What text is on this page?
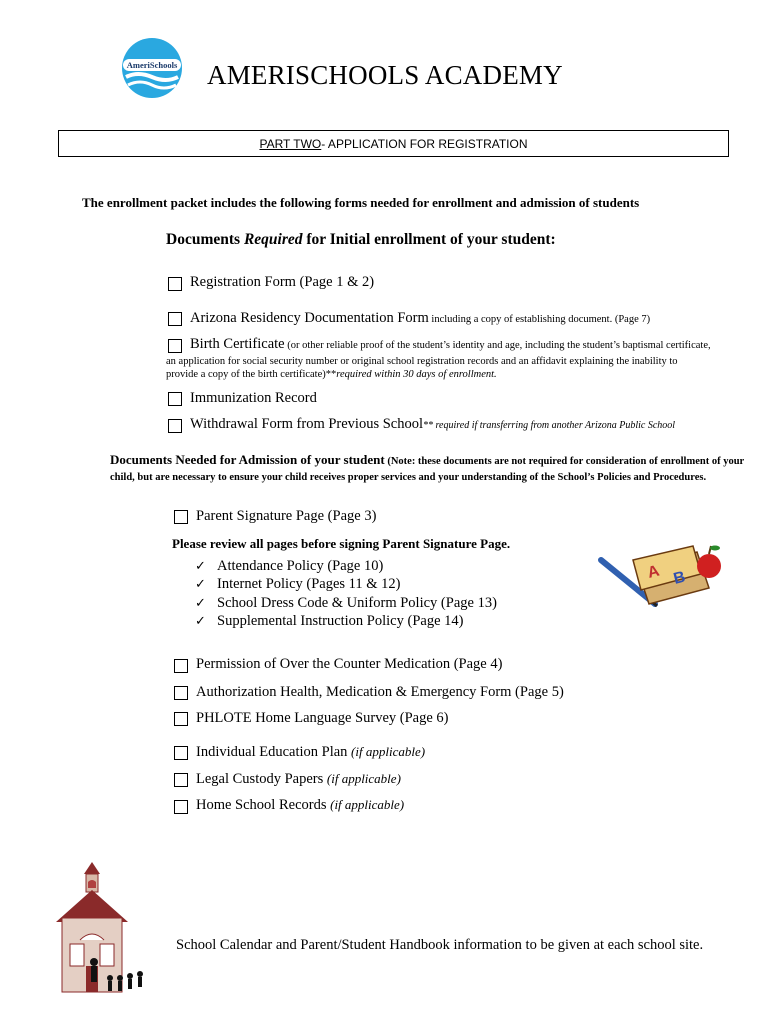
AmeriSchools AMERISCHOOLS ACADEMY
PART TWO - APPLICATION FOR REGISTRATION
The enrollment packet includes the following forms needed for enrollment and admission of students
Documents Required for Initial enrollment of your student:
Registration Form (Page 1 & 2)
Arizona Residency Documentation Form including a copy of establishing document. (Page 7)
Birth Certificate (or other reliable proof of the student’s identity and age, including the student’s baptismal certificate,
an application for social security number or original school registration records and an affidavit explaining the inability to
provide a copy of the birth certificate)**required within 30 days of enrollment.
Immunization Record
Withdrawal Form from Previous School** required if transferring from another Arizona Public School
Documents Needed for Admission of your student (Note: these documents are not required for consideration of enrollment of your child, but are necessary to ensure your child receives proper services and your understanding of the School’s Policies and Procedures.
Parent Signature Page (Page 3)
Please review all pages before signing Parent Signature Page.
✓ Attendance Policy (Page 10)
✓ Internet Policy (Pages 11 & 12)
✓ School Dress Code & Uniform Policy (Page 13)
✓ Supplemental Instruction Policy (Page 14)
A B
Permission of Over the Counter Medication (Page 4)
Authorization Health, Medication & Emergency Form (Page 5)
PHLOTE Home Language Survey (Page 6)
Individual Education Plan (if applicable)
Legal Custody Papers (if applicable)
Home School Records (if applicable)
School Calendar and Parent/Student Handbook information to be given at each school site.
